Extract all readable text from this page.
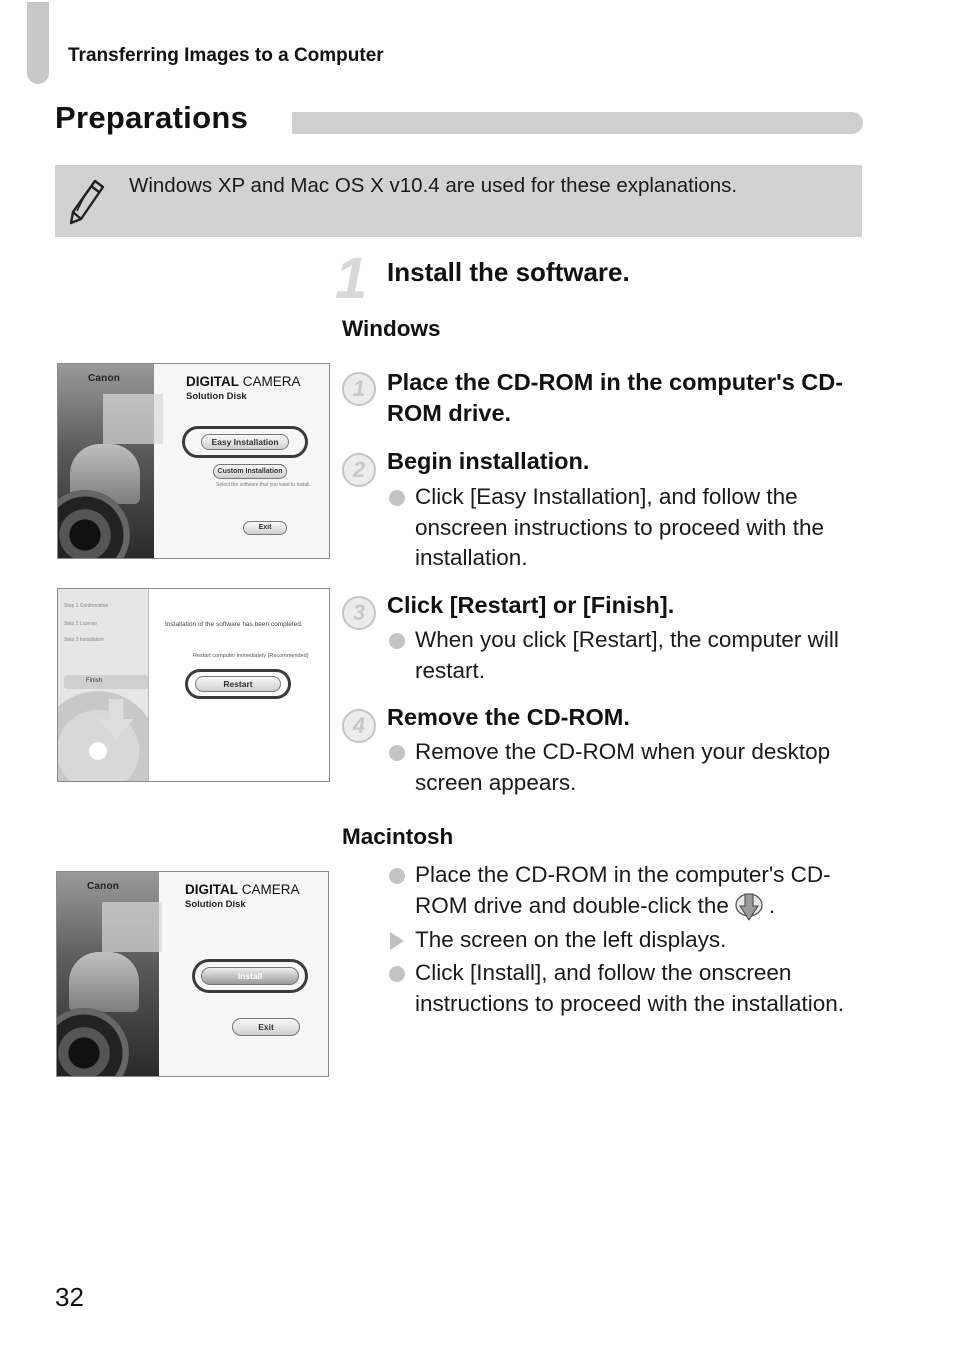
Transferring Images to a Computer
Preparations
Windows XP and Mac OS X v10.4 are used for these explanations.
1 Install the software.
Windows
1 Place the CD-ROM in the computer's CD-ROM drive.
2 Begin installation.
Click [Easy Installation], and follow the onscreen instructions to proceed with the installation.
3 Click [Restart] or [Finish].
When you click [Restart], the computer will restart.
4 Remove the CD-ROM.
Remove the CD-ROM when your desktop screen appears.
Macintosh
Place the CD-ROM in the computer's CD-ROM drive and double-click the .
The screen on the left displays.
Click [Install], and follow the onscreen instructions to proceed with the installation.
Canon	DIGITAL CAMERA
Solution Disk
Easy Installation
Custom Installation
Select the software that you want to install.
Exit
Step 1 Confirmation
Step 2 License
Step 3 Installation
Finish
Installation of the software has been completed.
Restart computer immediately (Recommended)
Restart
Canon	DIGITAL CAMERA
Solution Disk
Install
Exit
32
